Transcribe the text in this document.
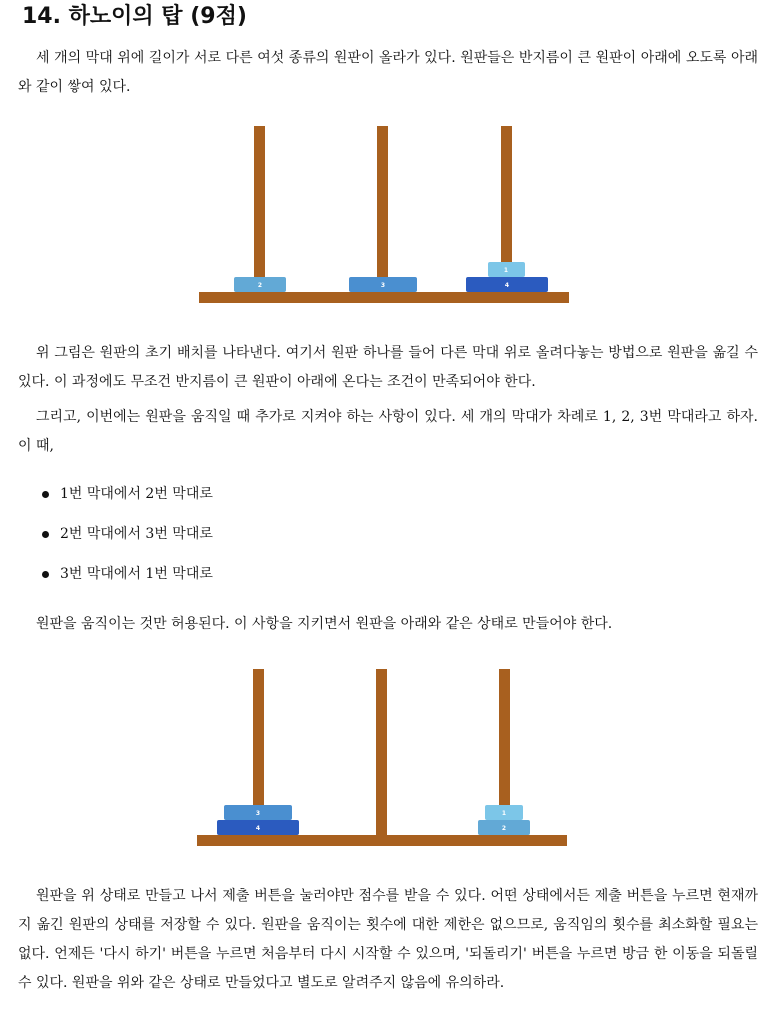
14. 하노이의 탑 (9점)

세 개의 막대 위에 길이가 서로 다른 여섯 종류의 원판이 올라가 있다. 원판들은 반지름이 큰 원판이 아래에 오도록 아래와 같이 쌓여 있다.

2	3	4
1

위 그림은 원판의 초기 배치를 나타낸다. 여기서 원판 하나를 들어 다른 막대 위로 올려다놓는 방법으로 원판을 옮길 수 있다. 이 과정에도 무조건 반지름이 큰 원판이 아래에 온다는 조건이 만족되어야 한다.

그리고, 이번에는 원판을 움직일 때 추가로 지켜야 하는 사항이 있다. 세 개의 막대가 차례로 1, 2, 3번 막대라고 하자. 이 때,

1번 막대에서 2번 막대로
2번 막대에서 3번 막대로
3번 막대에서 1번 막대로

원판을 움직이는 것만 허용된다. 이 사항을 지키면서 원판을 아래와 같은 상태로 만들어야 한다.

4
3
2
1

원판을 위 상태로 만들고 나서 제출 버튼을 눌러야만 점수를 받을 수 있다. 어떤 상태에서든 제출 버튼을 누르면 현재까지 옮긴 원판의 상태를 저장할 수 있다. 원판을 움직이는 횟수에 대한 제한은 없으므로, 움직임의 횟수를 최소화할 필요는 없다. 언제든 '다시 하기' 버튼을 누르면 처음부터 다시 시작할 수 있으며, '되돌리기' 버튼을 누르면 방금 한 이동을 되돌릴 수 있다. 원판을 위와 같은 상태로 만들었다고 별도로 알려주지 않음에 유의하라.
